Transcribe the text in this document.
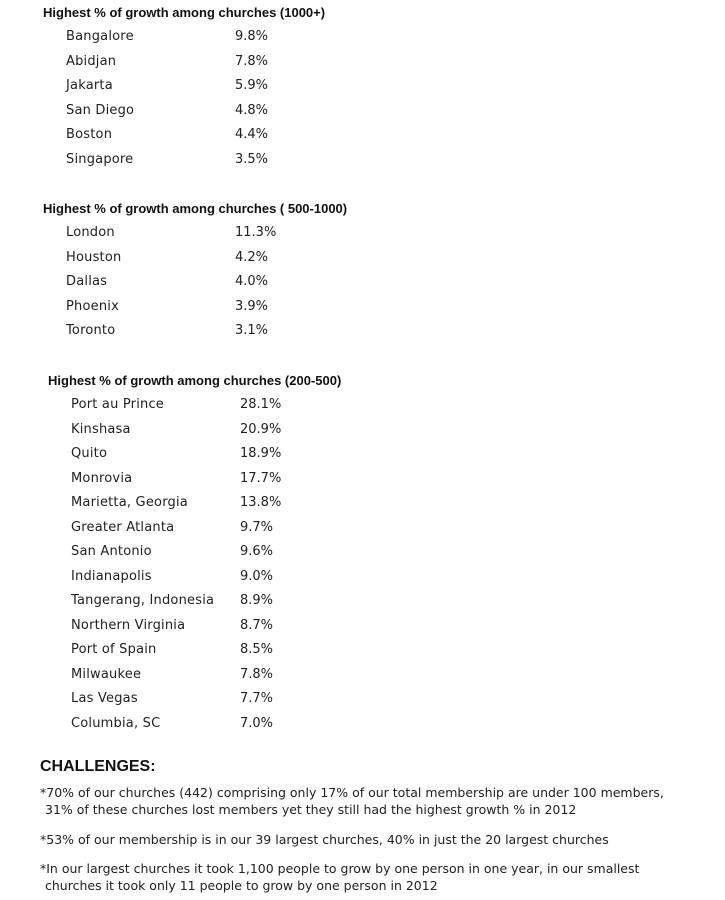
Highest % of growth among churches (1000+)
Bangalore	9.8%
Abidjan	7.8%
Jakarta	5.9%
San Diego	4.8%
Boston	4.4%
Singapore	3.5%
Highest % of growth among churches ( 500-1000)
London	11.3%
Houston	4.2%
Dallas	4.0%
Phoenix	3.9%
Toronto	3.1%
Highest % of growth among churches (200-500)
Port au Prince	28.1%
Kinshasa	20.9%
Quito	18.9%
Monrovia	17.7%
Marietta, Georgia	13.8%
Greater Atlanta	9.7%
San Antonio	9.6%
Indianapolis	9.0%
Tangerang, Indonesia 8.9%
Northern Virginia	8.7%
Port of Spain	8.5%
Milwaukee	7.8%
Las Vegas	7.7%
Columbia, SC	7.0%
CHALLENGES:
*70% of our churches (442) comprising only 17% of our total membership are under 100 members,
31% of these churches lost members yet they still had the highest growth % in 2012
*53% of our membership is in our 39 largest churches, 40% in just the 20 largest churches
*In our largest churches it took 1,100 people to grow by one person in one year, in our smallest
churches it took only 11 people to grow by one person in 2012
